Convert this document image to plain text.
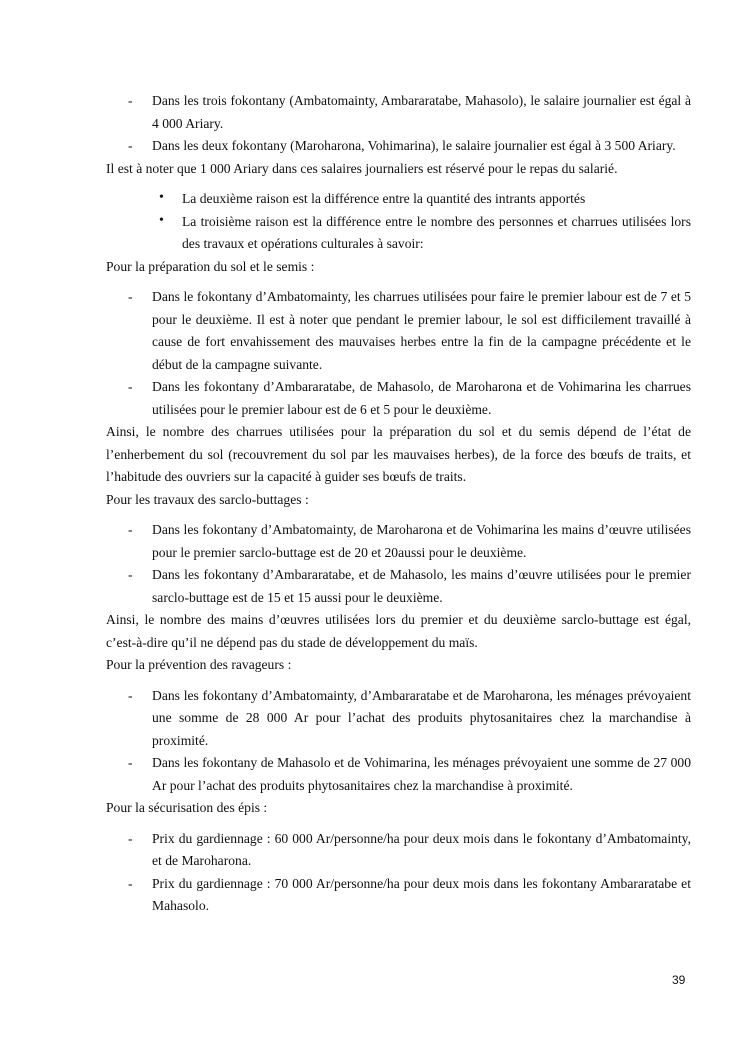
- Dans les trois fokontany (Ambatomainty, Ambararatabe, Mahasolo), le salaire journalier est égal à 4 000 Ariary.
- Dans les deux fokontany (Maroharona, Vohimarina), le salaire journalier est égal à 3 500 Ariary.

Il est à noter que 1 000 Ariary dans ces salaires journaliers est réservé pour le repas du salarié.

• La deuxième raison est la différence entre la quantité des intrants apportés
• La troisième raison est la différence entre le nombre des personnes et charrues utilisées lors des travaux et opérations culturales à savoir:

Pour la préparation du sol et le semis :

- Dans le fokontany d’Ambatomainty, les charrues utilisées pour faire le premier labour est de 7 et 5 pour le deuxième. Il est à noter que pendant le premier labour, le sol est difficilement travaillé à cause de fort envahissement des mauvaises herbes entre la fin de la campagne précédente et le début de la campagne suivante.
- Dans les fokontany d’Ambararatabe, de Mahasolo, de Maroharona et de Vohimarina les charrues utilisées pour le premier labour est de 6 et 5 pour le deuxième.

Ainsi, le nombre des charrues utilisées pour la préparation du sol et du semis dépend de l’état de l’enherbement du sol (recouvrement du sol par les mauvaises herbes), de la force des bœufs de traits, et l’habitude des ouvriers sur la capacité à guider ses bœufs de traits.

Pour les travaux des sarclo-buttages :

- Dans les fokontany d’Ambatomainty, de Maroharona et de Vohimarina les mains d’œuvre utilisées pour le premier sarclo-buttage est de 20 et 20aussi pour le deuxième.
- Dans les fokontany d’Ambararatabe, et de Mahasolo, les mains d’œuvre utilisées pour le premier sarclo-buttage est de 15 et 15 aussi pour le deuxième.

Ainsi, le nombre des mains d’œuvres utilisées lors du premier et du deuxième sarclo-buttage est égal, c’est-à-dire qu’il ne dépend pas du stade de développement du maïs.

Pour la prévention des ravageurs :

- Dans les fokontany d’Ambatomainty, d’Ambararatabe et de Maroharona, les ménages prévoyaient une somme de 28 000 Ar pour l’achat des produits phytosanitaires chez la marchandise à proximité.
- Dans les fokontany de Mahasolo et de Vohimarina, les ménages prévoyaient une somme de 27 000 Ar pour l’achat des produits phytosanitaires chez la marchandise à proximité.

Pour la sécurisation des épis :

- Prix du gardiennage : 60 000 Ar/personne/ha pour deux mois dans le fokontany d’Ambatomainty, et de Maroharona.
- Prix du gardiennage : 70 000 Ar/personne/ha pour deux mois dans les fokontany Ambararatabe et Mahasolo.
39
